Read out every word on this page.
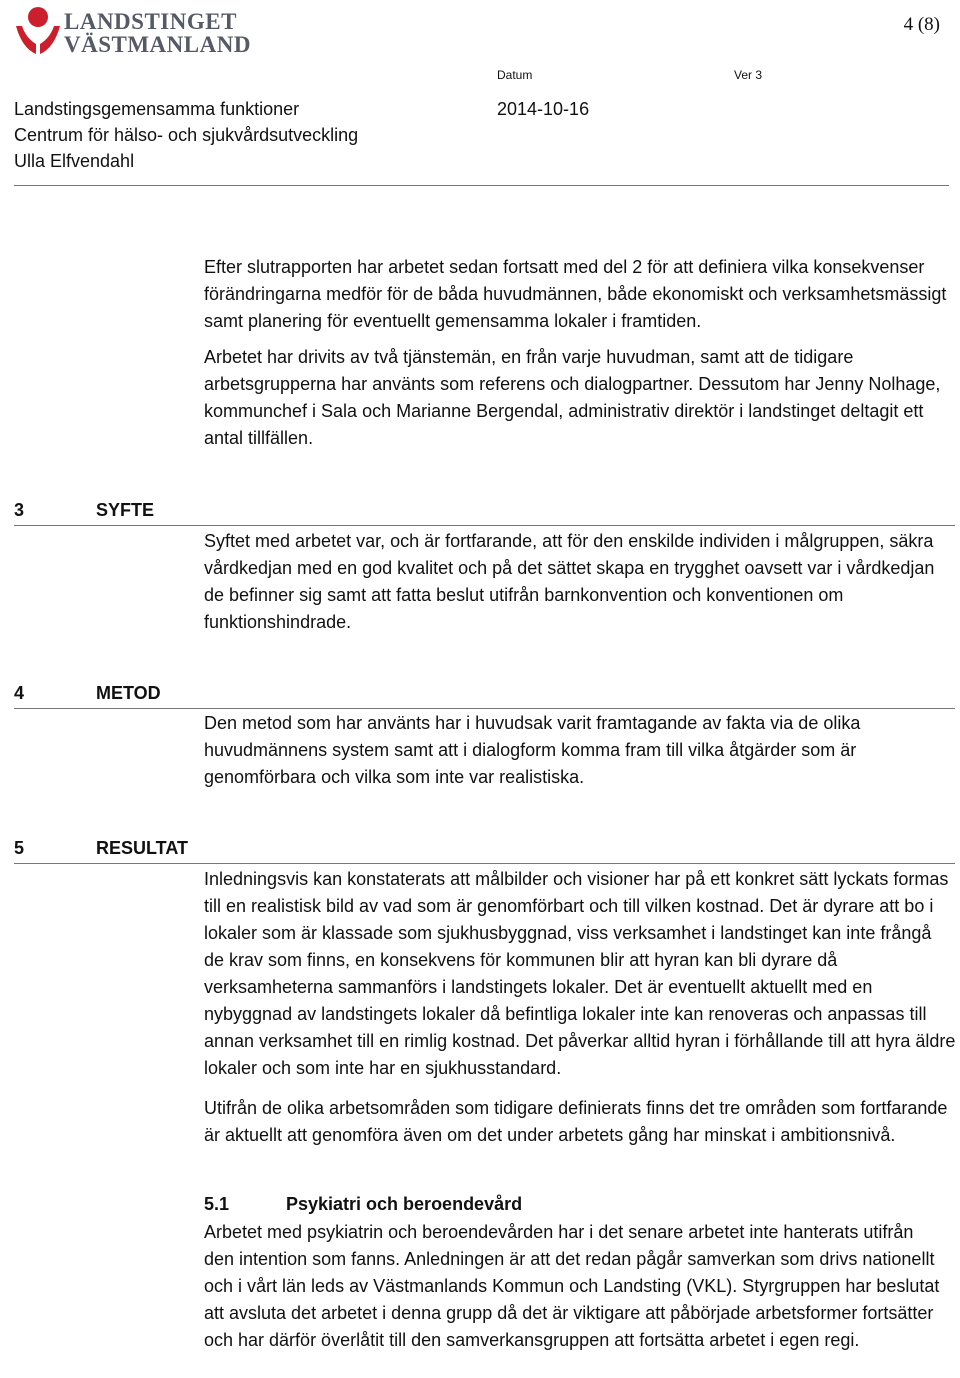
LANDSTINGET
VÄSTMANLAND
4 (8)
Datum	Ver 3
Landstingsgemensamma funktioner
Centrum för hälso- och sjukvårdsutveckling
Ulla Elfvendahl
2014-10-16

Efter slutrapporten har arbetet sedan fortsatt med del 2 för att definiera vilka konsekvenser förändringarna medför för de båda huvudmännen, både ekonomiskt och verksamhetsmässigt samt planering för eventuellt gemensamma lokaler i framtiden.

Arbetet har drivits av två tjänstemän, en från varje huvudman, samt att de tidigare arbetsgrupperna har använts som referens och dialogpartner. Dessutom har Jenny Nolhage, kommunchef i Sala och Marianne Bergendal, administrativ direktör i landstinget deltagit ett antal tillfällen.

3	SYFTE

Syftet med arbetet var, och är fortfarande, att för den enskilde individen i målgruppen, säkra vårdkedjan med en god kvalitet och på det sättet skapa en trygghet oavsett var i vårdkedjan de befinner sig samt att fatta beslut utifrån barnkonvention och konventionen om funktionshindrade.

4	METOD

Den metod som har använts har i huvudsak varit framtagande av fakta via de olika huvudmännens system samt att i dialogform komma fram till vilka åtgärder som är genomförbara och vilka som inte var realistiska.

5	RESULTAT

Inledningsvis kan konstaterats att målbilder och visioner har på ett konkret sätt lyckats formas till en realistisk bild av vad som är genomförbart och till vilken kostnad. Det är dyrare att bo i lokaler som är klassade som sjukhusbyggnad, viss verksamhet i landstinget kan inte frångå de krav som finns, en konsekvens för kommunen blir att hyran kan bli dyrare då verksamheterna sammanförs i landstingets lokaler. Det är eventuellt aktuellt med en nybyggnad av landstingets lokaler då befintliga lokaler inte kan renoveras och anpassas till annan verksamhet till en rimlig kostnad. Det påverkar alltid hyran i förhållande till att hyra äldre lokaler och som inte har en sjukhusstandard.

Utifrån de olika arbetsområden som tidigare definierats finns det tre områden som fortfarande är aktuellt att genomföra även om det under arbetets gång har minskat i ambitionsnivå.

5.1	Psykiatri och beroendevård

Arbetet med psykiatrin och beroendevården har i det senare arbetet inte hanterats utifrån den intention som fanns. Anledningen är att det redan pågår samverkan som drivs nationellt och i vårt län leds av Västmanlands Kommun och Landsting (VKL). Styrgruppen har beslutat att avsluta det arbetet i denna grupp då det är viktigare att påbörjade arbetsformer fortsätter och har därför överlåtit till den samverkansgruppen att fortsätta arbetet i egen regi.
